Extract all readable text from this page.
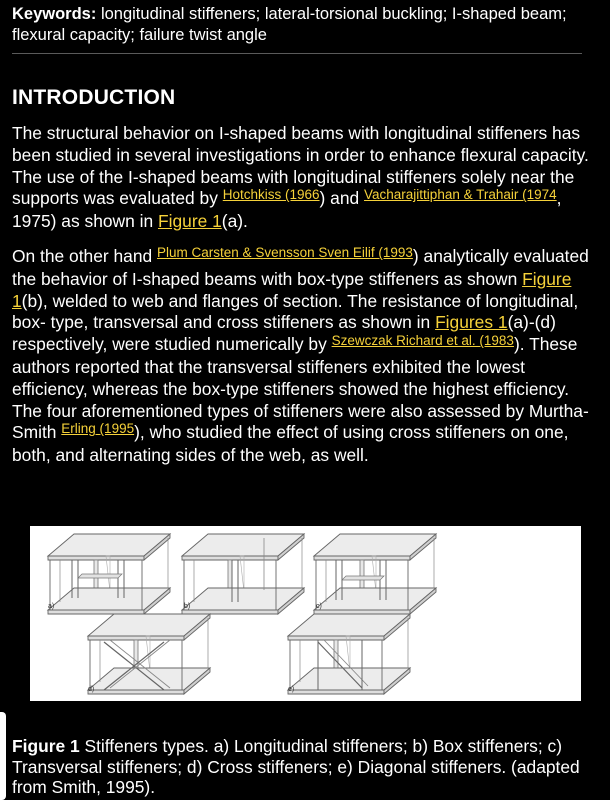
Keywords: longitudinal stiffeners; lateral-torsional buckling; I-shaped beam; flexural capacity; failure twist angle
INTRODUCTION
The structural behavior on I-shaped beams with longitudinal stiffeners has been studied in several investigations in order to enhance flexural capacity. The use of the I-shaped beams with longitudinal stiffeners solely near the supports was evaluated by $^{Hotchkiss (1966}$) and $^{Vacharajittiphan \& Trahair (1974}$, 1975) as shown in Figure 1(a).
On the other hand $^{Plum Carsten \& Svensson Sven Eilif (1993}$) analytically evaluated the behavior of I-shaped beams with box-type stiffeners as shown Figure 1(b), welded to web and flanges of section. The resistance of longitudinal, box- type, transversal and cross stiffeners as shown in Figures 1(a)-(d) respectively, were studied numerically by $^{Szewczak Richard et al. (1983}$). These authors reported that the transversal stiffeners exhibited the lowest efficiency, whereas the box-type stiffeners showed the highest efficiency. The four aforementioned types of stiffeners were also assessed by Murtha-Smith $^{Erling (1995}$), who studied the effect of using cross stiffeners on one, both, and alternating sides of the web, as well.
a)	b)	c)
d)	e)
Figure 1 Stiffeners types. a) Longitudinal stiffeners; b) Box stiffeners; c) Transversal stiffeners; d) Cross stiffeners; e) Diagonal stiffeners. (adapted from Smith, 1995).
